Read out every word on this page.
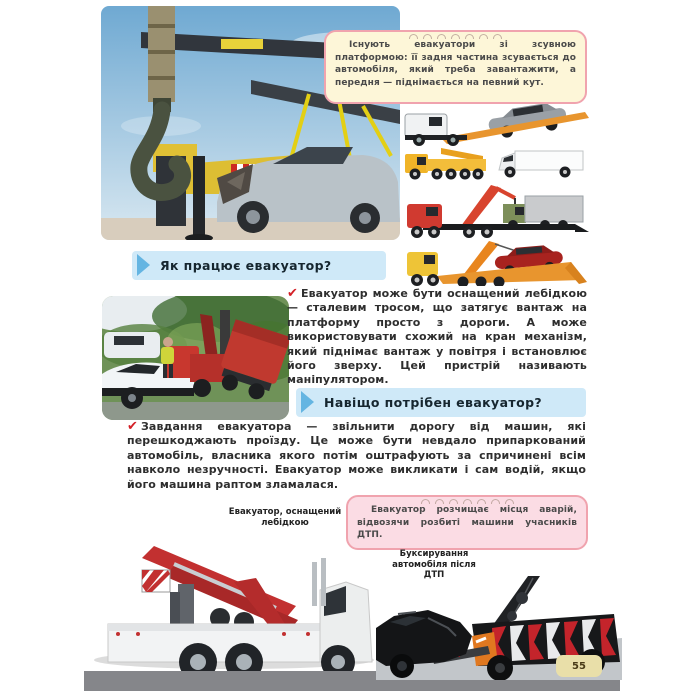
Існують евакуатори зі зсувною платформою: її задня частина зсувається до автомобіля, який треба завантажити, а передня — піднімається на певний кут.

Як працює евакуатор?

✔ Евакуатор може бути оснащений лебідкою — сталевим тросом, що затягує вантаж на платформу просто з дороги. А може використовувати схожий на кран механізм, який піднімає вантаж у повітря і встановлює його зверху. Цей пристрій називають маніпулятором.

Навіщо потрібен евакуатор?

✔ Завдання евакуатора — звільнити дорогу від машин, які перешкоджають проїзду. Це може бути невдало припаркований автомобіль, власника якого потім оштрафують за спричинені всім навколо незручності. Евакуатор може викликати і сам водій, якщо його машина раптом зламалася.

Евакуатор, оснащений лебідкою

Евакуатор розчищає місця аварій, відвозячи розбиті машини учасників ДТП.

Буксирування автомобіля після ДТП
55
